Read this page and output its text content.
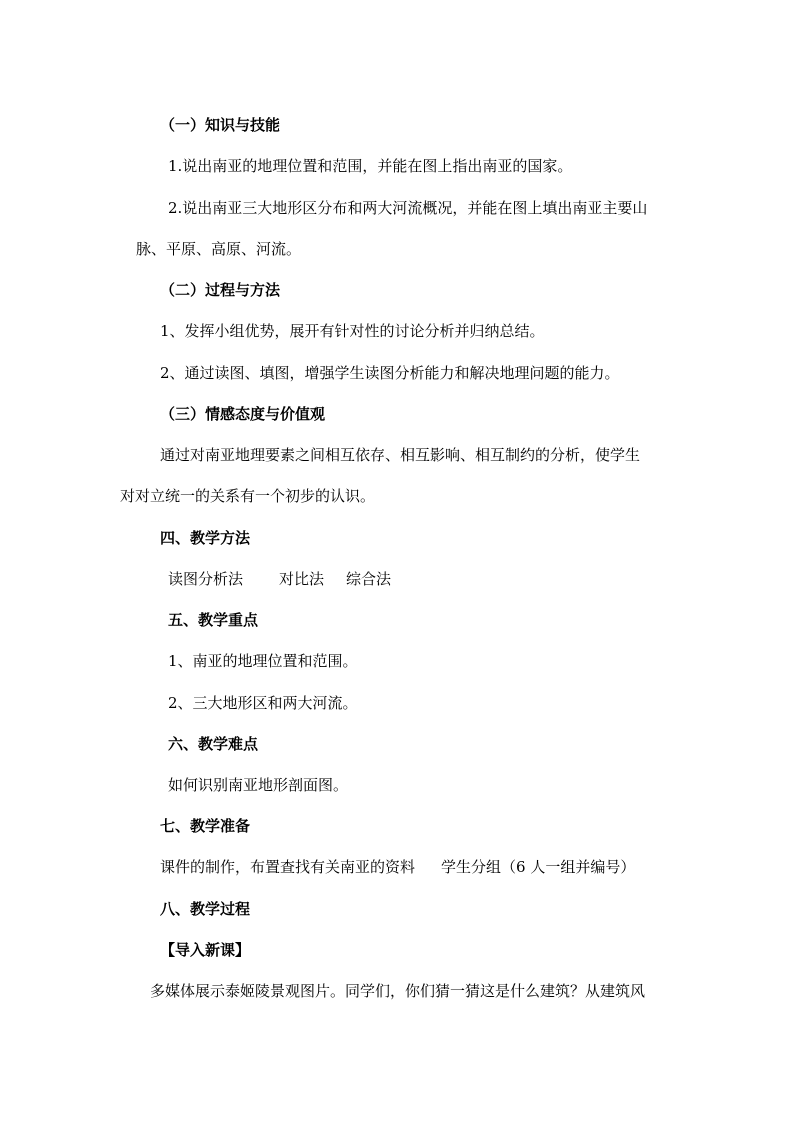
（一）知识与技能
1.说出南亚的地理位置和范围，并能在图上指出南亚的国家。
2.说出南亚三大地形区分布和两大河流概况，并能在图上填出南亚主要山
脉、平原、高原、河流。
（二）过程与方法
1、发挥小组优势，展开有针对性的讨论分析并归纳总结。
2、通过读图、填图，增强学生读图分析能力和解决地理问题的能力。
（三）情感态度与价值观
通过对南亚地理要素之间相互依存、相互影响、相互制约的分析，使学生
对对立统一的关系有一个初步的认识。
四、教学方法
读图分析法 对比法 综合法
五、教学重点
1、南亚的地理位置和范围。
2、三大地形区和两大河流。
六、教学难点
如何识别南亚地形剖面图。
七、教学准备
课件的制作，布置查找有关南亚的资料 学生分组（6 人一组并编号）
八、教学过程
【导入新课】
多媒体展示泰姬陵景观图片。同学们，你们猜一猜这是什么建筑？从建筑风
